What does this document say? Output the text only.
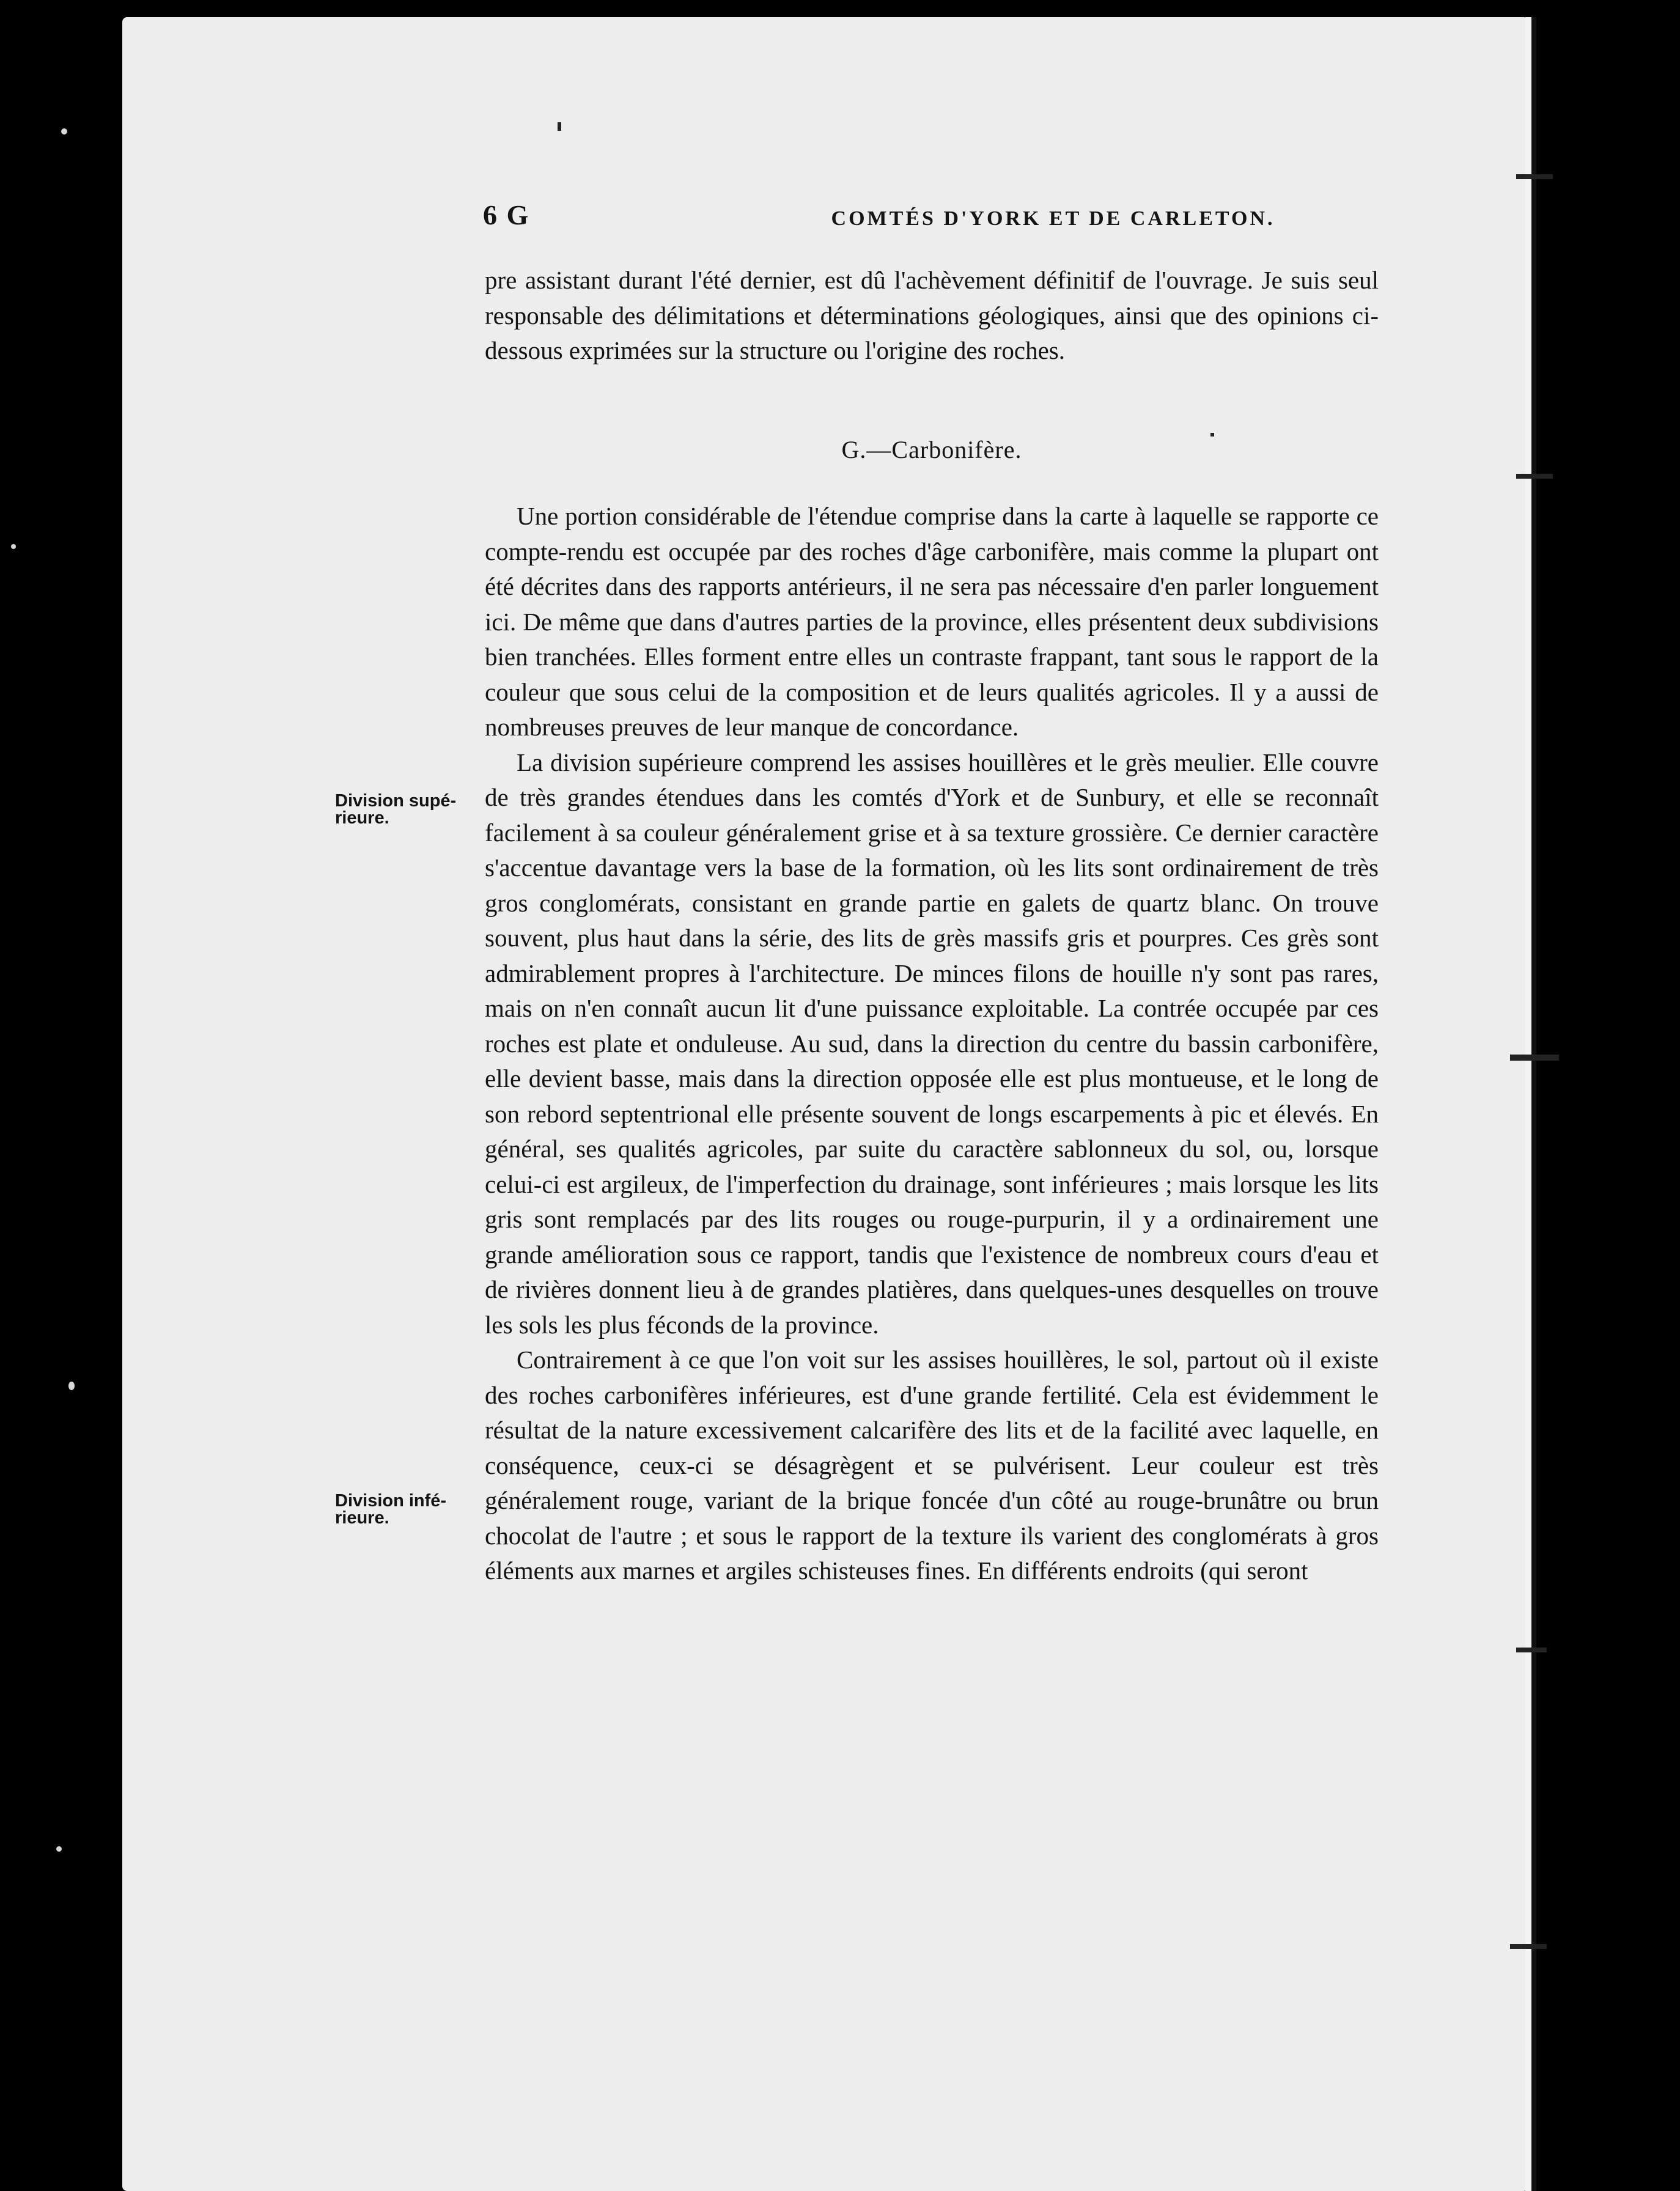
6 G	COMTÉS D'YORK ET DE CARLETON.

pre assistant durant l'été dernier, est dû l'achèvement définitif de l'ouvrage. Je suis seul responsable des délimitations et déterminations géologiques, ainsi que des opinions ci-dessous exprimées sur la structure ou l'origine des roches.

G.—Carbonifère.

Une portion considérable de l'étendue comprise dans la carte à laquelle se rapporte ce compte-rendu est occupée par des roches d'âge carbonifère, mais comme la plupart ont été décrites dans des rapports antérieurs, il ne sera pas nécessaire d'en parler longuement ici. De même que dans d'autres parties de la province, elles présentent deux subdivisions bien tranchées. Elles forment entre elles un contraste frappant, tant sous le rapport de la couleur que sous celui de la composition et de leurs qualités agricoles. Il y a aussi de nombreuses preuves de leur manque de concordance.

La division supérieure comprend les assises houillères et le grès meulier. Elle couvre de très grandes étendues dans les comtés d'York et de Sunbury, et elle se reconnaît facilement à sa couleur généralement grise et à sa texture grossière. Ce dernier caractère s'accentue davantage vers la base de la formation, où les lits sont ordinairement de très gros conglomérats, consistant en grande partie en galets de quartz blanc. On trouve souvent, plus haut dans la série, des lits de grès massifs gris et pourpres. Ces grès sont admirablement propres à l'architecture. De minces filons de houille n'y sont pas rares, mais on n'en connaît aucun lit d'une puissance exploitable. La contrée occupée par ces roches est plate et onduleuse. Au sud, dans la direction du centre du bassin carbonifère, elle devient basse, mais dans la direction opposée elle est plus montueuse, et le long de son rebord septentrional elle présente souvent de longs escarpements à pic et élevés. En général, ses qualités agricoles, par suite du caractère sablonneux du sol, ou, lorsque celui-ci est argileux, de l'imperfection du drainage, sont inférieures ; mais lorsque les lits gris sont remplacés par des lits rouges ou rouge-purpurin, il y a ordinairement une grande amélioration sous ce rapport, tandis que l'existence de nombreux cours d'eau et de rivières donnent lieu à de grandes platières, dans quelques-unes desquelles on trouve les sols les plus féconds de la province.

Contrairement à ce que l'on voit sur les assises houillères, le sol, partout où il existe des roches carbonifères inférieures, est d'une grande fertilité. Cela est évidemment le résultat de la nature excessivement calcarifère des lits et de la facilité avec laquelle, en conséquence, ceux-ci se désagrègent et se pulvérisent. Leur couleur est très généralement rouge, variant de la brique foncée d'un côté au rouge-brunâtre ou brun chocolat de l'autre ; et sous le rapport de la texture ils varient des conglomérats à gros éléments aux marnes et argiles schisteuses fines. En différents endroits (qui seront

Division supé-rieure.
Division infé-rieure.
